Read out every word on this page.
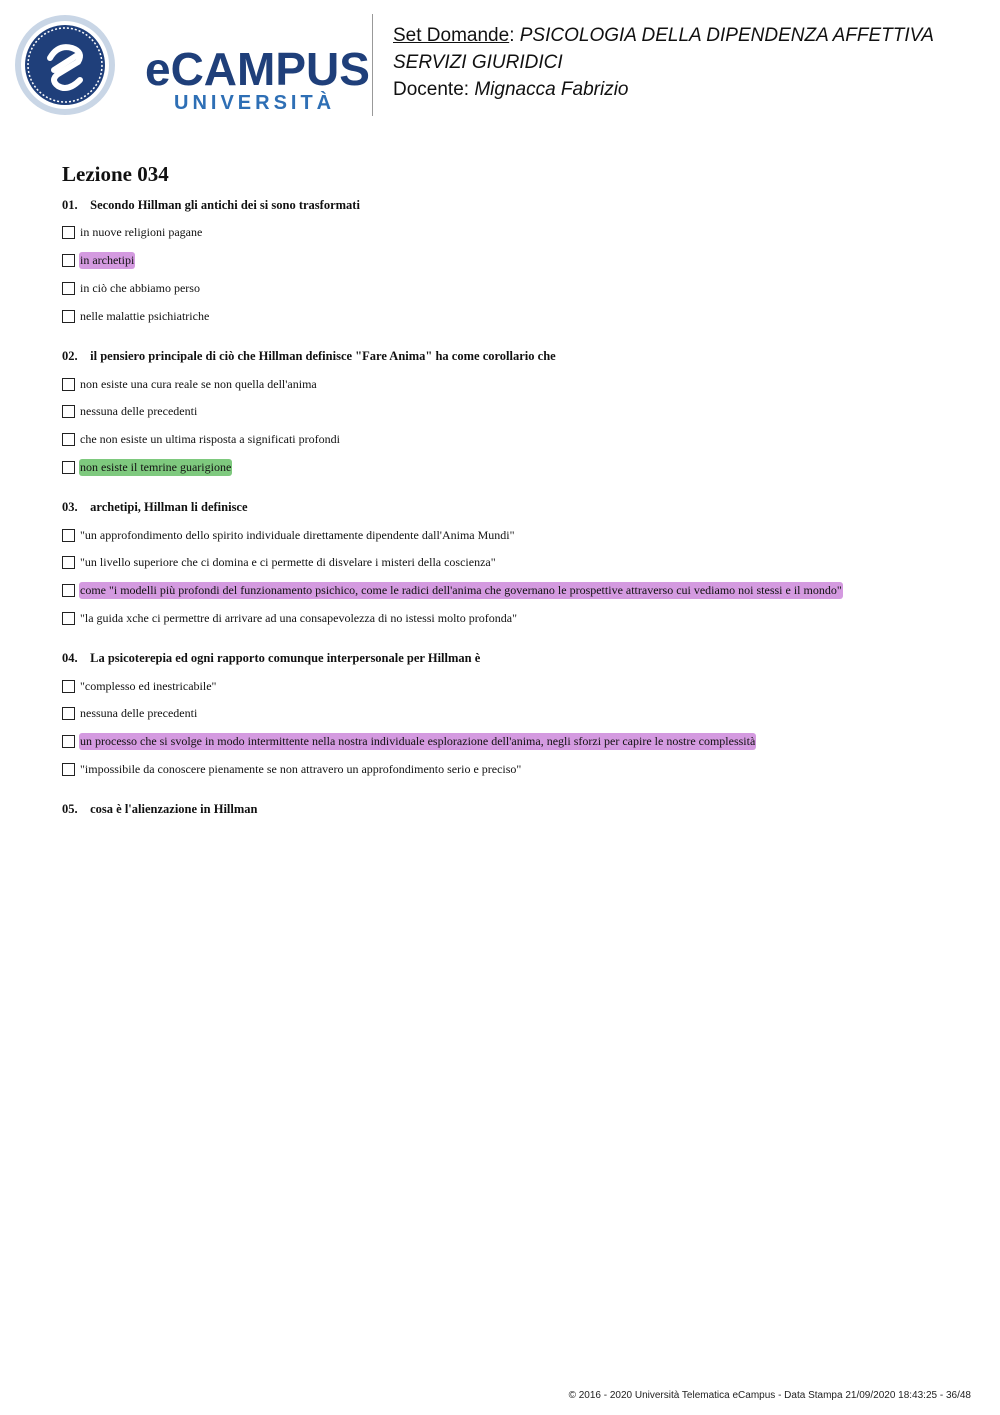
eCAMPUS
UNIVERSITÀ
Set Domande: PSICOLOGIA DELLA DIPENDENZA AFFETTIVA
SERVIZI GIURIDICI
Docente: Mignacca Fabrizio
Lezione 034
01. Secondo Hillman gli antichi dei si sono trasformati
in nuove religioni pagane
in archetipi
in ciò che abbiamo perso
nelle malattie psichiatriche
02. il pensiero principale di ciò che Hillman definisce "Fare Anima" ha come corollario che
non esiste una cura reale se non quella dell'anima
nessuna delle precedenti
che non esiste un ultima risposta a significati profondi
non esiste il temrine guarigione
03. archetipi, Hillman li definisce
"un approfondimento dello spirito individuale direttamente dipendente dall'Anima Mundi"
"un livello superiore che ci domina e ci permette di disvelare i misteri della coscienza"
come "i modelli più profondi del funzionamento psichico, come le radici dell'anima che governano le prospettive attraverso cui vediamo noi stessi e il mondo"
"la guida xche ci permettre di arrivare ad una consapevolezza di no istessi molto profonda"
04. La psicoterepia ed ogni rapporto comunque interpersonale per Hillman è
"complesso ed inestricabile"
nessuna delle precedenti
un processo che si svolge in modo intermittente nella nostra individuale esplorazione dell'anima, negli sforzi per capire le nostre complessità
"impossibile da conoscere pienamente se non attravero un approfondimento serio e preciso"
05. cosa è l'alienzazione in Hillman
© 2016 - 2020 Università Telematica eCampus - Data Stampa 21/09/2020 18:43:25 - 36/48
